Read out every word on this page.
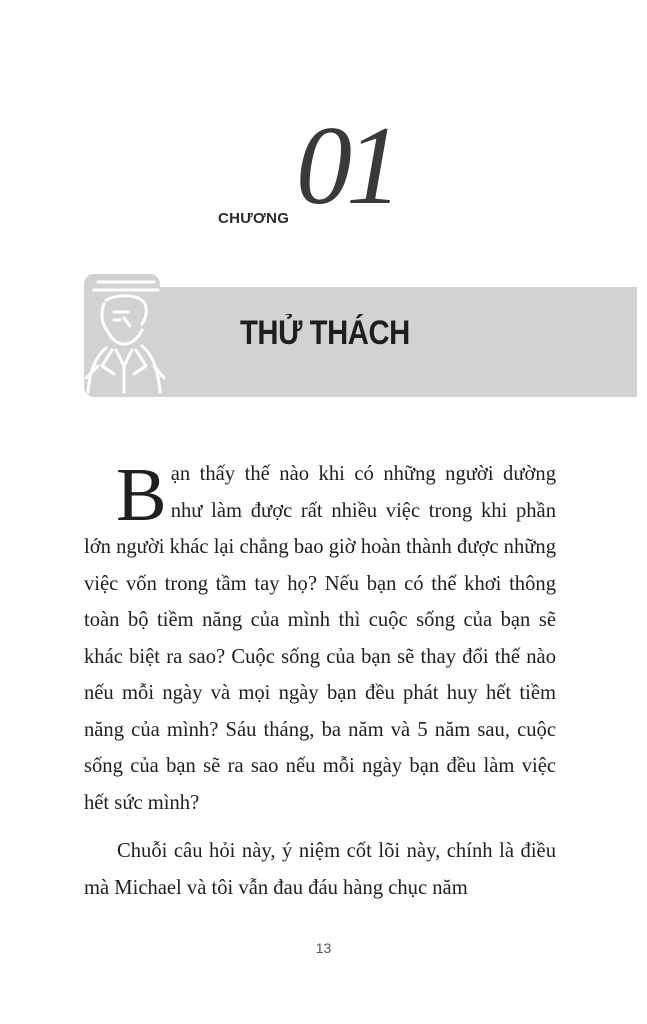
CHƯƠNG 01
THỬ THÁCH

Bạn thấy thế nào khi có những người dường như làm được rất nhiều việc trong khi phần lớn người khác lại chẳng bao giờ hoàn thành được những việc vốn trong tầm tay họ? Nếu bạn có thể khơi thông toàn bộ tiềm năng của mình thì cuộc sống của bạn sẽ khác biệt ra sao? Cuộc sống của bạn sẽ thay đổi thế nào nếu mỗi ngày và mọi ngày bạn đều phát huy hết tiềm năng của mình? Sáu tháng, ba năm và 5 năm sau, cuộc sống của bạn sẽ ra sao nếu mỗi ngày bạn đều làm việc hết sức mình?

Chuỗi câu hỏi này, ý niệm cốt lõi này, chính là điều mà Michael và tôi vẫn đau đáu hàng chục năm

13
